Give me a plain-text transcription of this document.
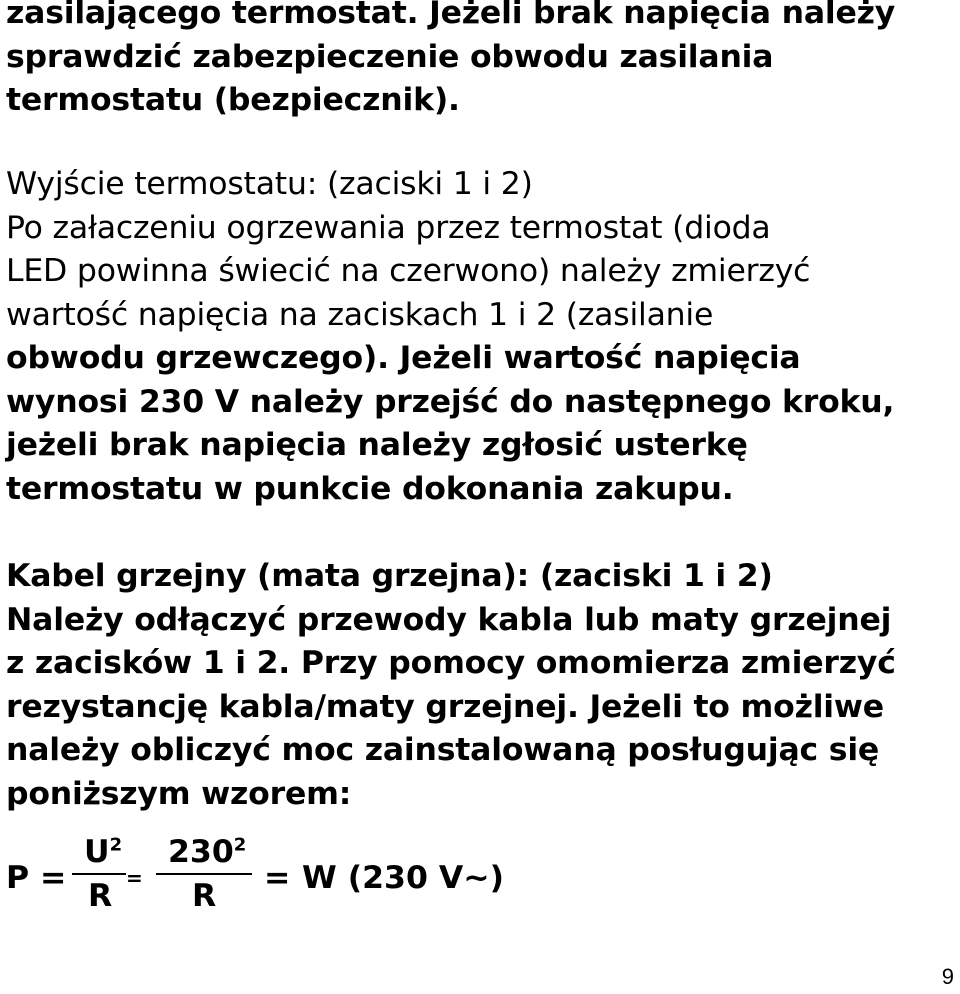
zasilającego termostat. Jeżeli brak napięcia należy
sprawdzić zabezpieczenie obwodu zasilania
termostatu (bezpiecznik).
Wyjście termostatu: (zaciski 1 i 2)
Po załaczeniu ogrzewania przez termostat (dioda
LED powinna świecić na czerwono) należy zmierzyć
wartość napięcia na zaciskach 1 i 2 (zasilanie
obwodu grzewczego). Jeżeli wartość napięcia
wynosi 230 V należy przejść do następnego kroku,
jeżeli brak napięcia należy zgłosić usterkę
termostatu w punkcie dokonania zakupu.
Kabel grzejny (mata grzejna): (zaciski 1 i 2)
Należy odłączyć przewody kabla lub maty grzejnej
z zacisków 1 i 2. Przy pomocy omomierza zmierzyć
rezystancję kabla/maty grzejnej. Jeżeli to możliwe
należy obliczyć moc zainstalowaną posługując się
poniższym wzorem:
P =
$U^2$
R =
$230^2$
R = W (230 V~)
9
